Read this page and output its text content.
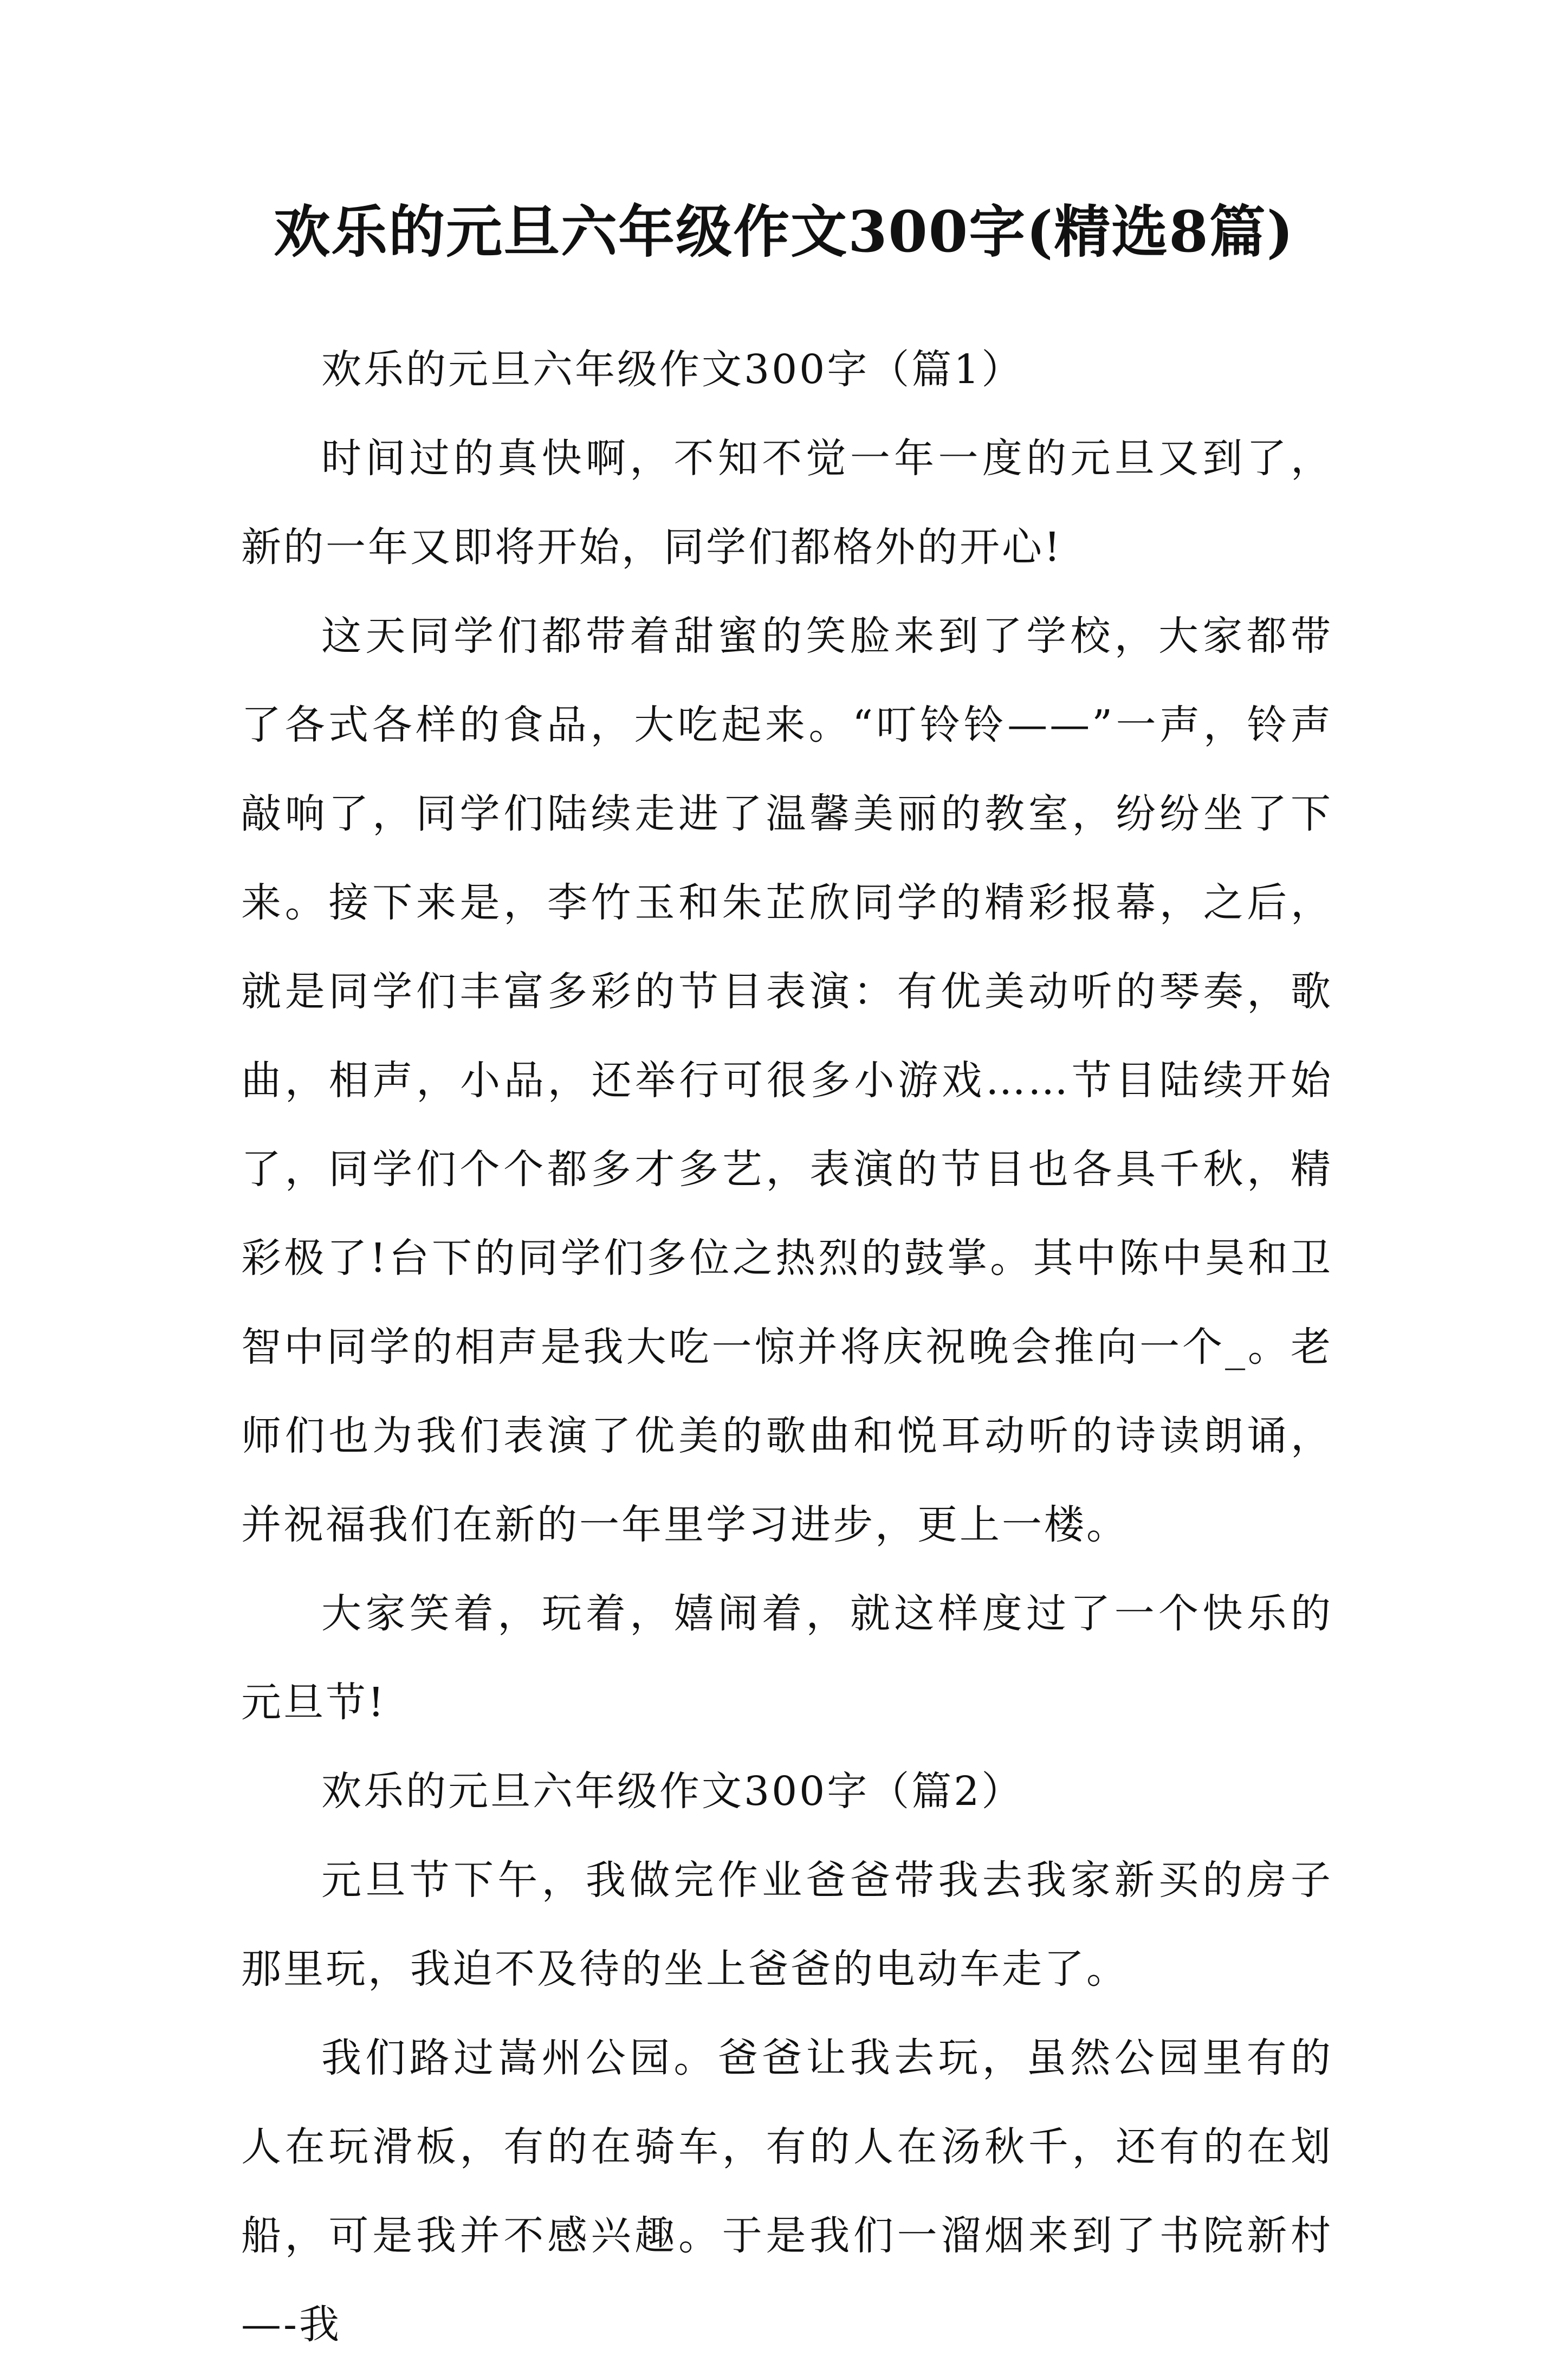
欢乐的元旦六年级作文300字(精选8篇)

欢乐的元旦六年级作文300字（篇1）

时间过的真快啊，不知不觉一年一度的元旦又到了，新的一年又即将开始，同学们都格外的开心!

这天同学们都带着甜蜜的笑脸来到了学校，大家都带了各式各样的食品，大吃起来。“叮铃铃——”一声，铃声敲响了，同学们陆续走进了温馨美丽的教室，纷纷坐了下来。接下来是，李竹玉和朱芷欣同学的精彩报幕，之后，就是同学们丰富多彩的节目表演：有优美动听的琴奏，歌曲，相声，小品，还举行可很多小游戏……节目陆续开始了，同学们个个都多才多艺，表演的节目也各具千秋，精彩极了!台下的同学们多位之热烈的鼓掌。其中陈中昊和卫智中同学的相声是我大吃一惊并将庆祝晚会推向一个_。老师们也为我们表演了优美的歌曲和悦耳动听的诗读朗诵，并祝福我们在新的一年里学习进步，更上一楼。

大家笑着，玩着，嬉闹着，就这样度过了一个快乐的元旦节!

欢乐的元旦六年级作文300字（篇2）

元旦节下午，我做完作业爸爸带我去我家新买的房子那里玩，我迫不及待的坐上爸爸的电动车走了。

我们路过嵩州公园。爸爸让我去玩，虽然公园里有的人在玩滑板，有的在骑车，有的人在汤秋千，还有的在划船，可是我并不感兴趣。于是我们一溜烟来到了书院新村—-我
